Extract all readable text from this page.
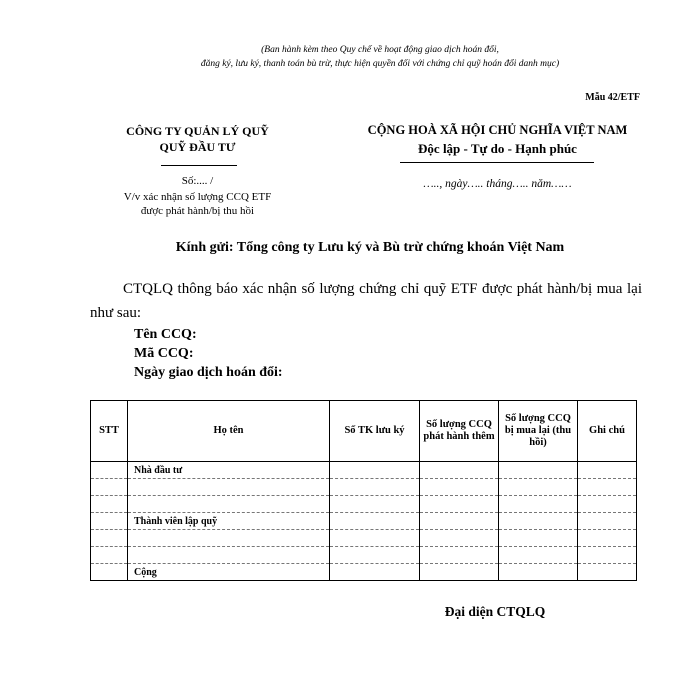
(Ban hành kèm theo Quy chế về hoạt động giao dịch hoán đổi,
đăng ký, lưu ký, thanh toán bù trừ, thực hiện quyền đối với chứng chỉ quỹ hoán đổi danh mục)
Mẫu 42/ETF
CÔNG TY QUẢN LÝ QUỸ
QUỸ ĐẦU TƯ
Số:.... /
V/v xác nhận số lượng CCQ ETF
được phát hành/bị thu hồi
CỘNG HOÀ XÃ HỘI CHỦ NGHĨA VIỆT NAM
Độc lập - Tự do - Hạnh phúc
….., ngày….. tháng….. năm……
Kính gửi: Tổng công ty Lưu ký và Bù trừ chứng khoán Việt Nam
CTQLQ thông báo xác nhận số lượng chứng chỉ quỹ ETF được phát hành/bị mua lại như sau:
Tên CCQ:
Mã CCQ:
Ngày giao dịch hoán đổi:
STT	Họ tên	Số TK lưu ký	Số lượng CCQ phát hành thêm	Số lượng CCQ bị mua lại (thu hồi)	Ghi chú
	Nhà đầu tư				

	Thành viên lập quỹ				

	Cộng				
Đại diện CTQLQ
